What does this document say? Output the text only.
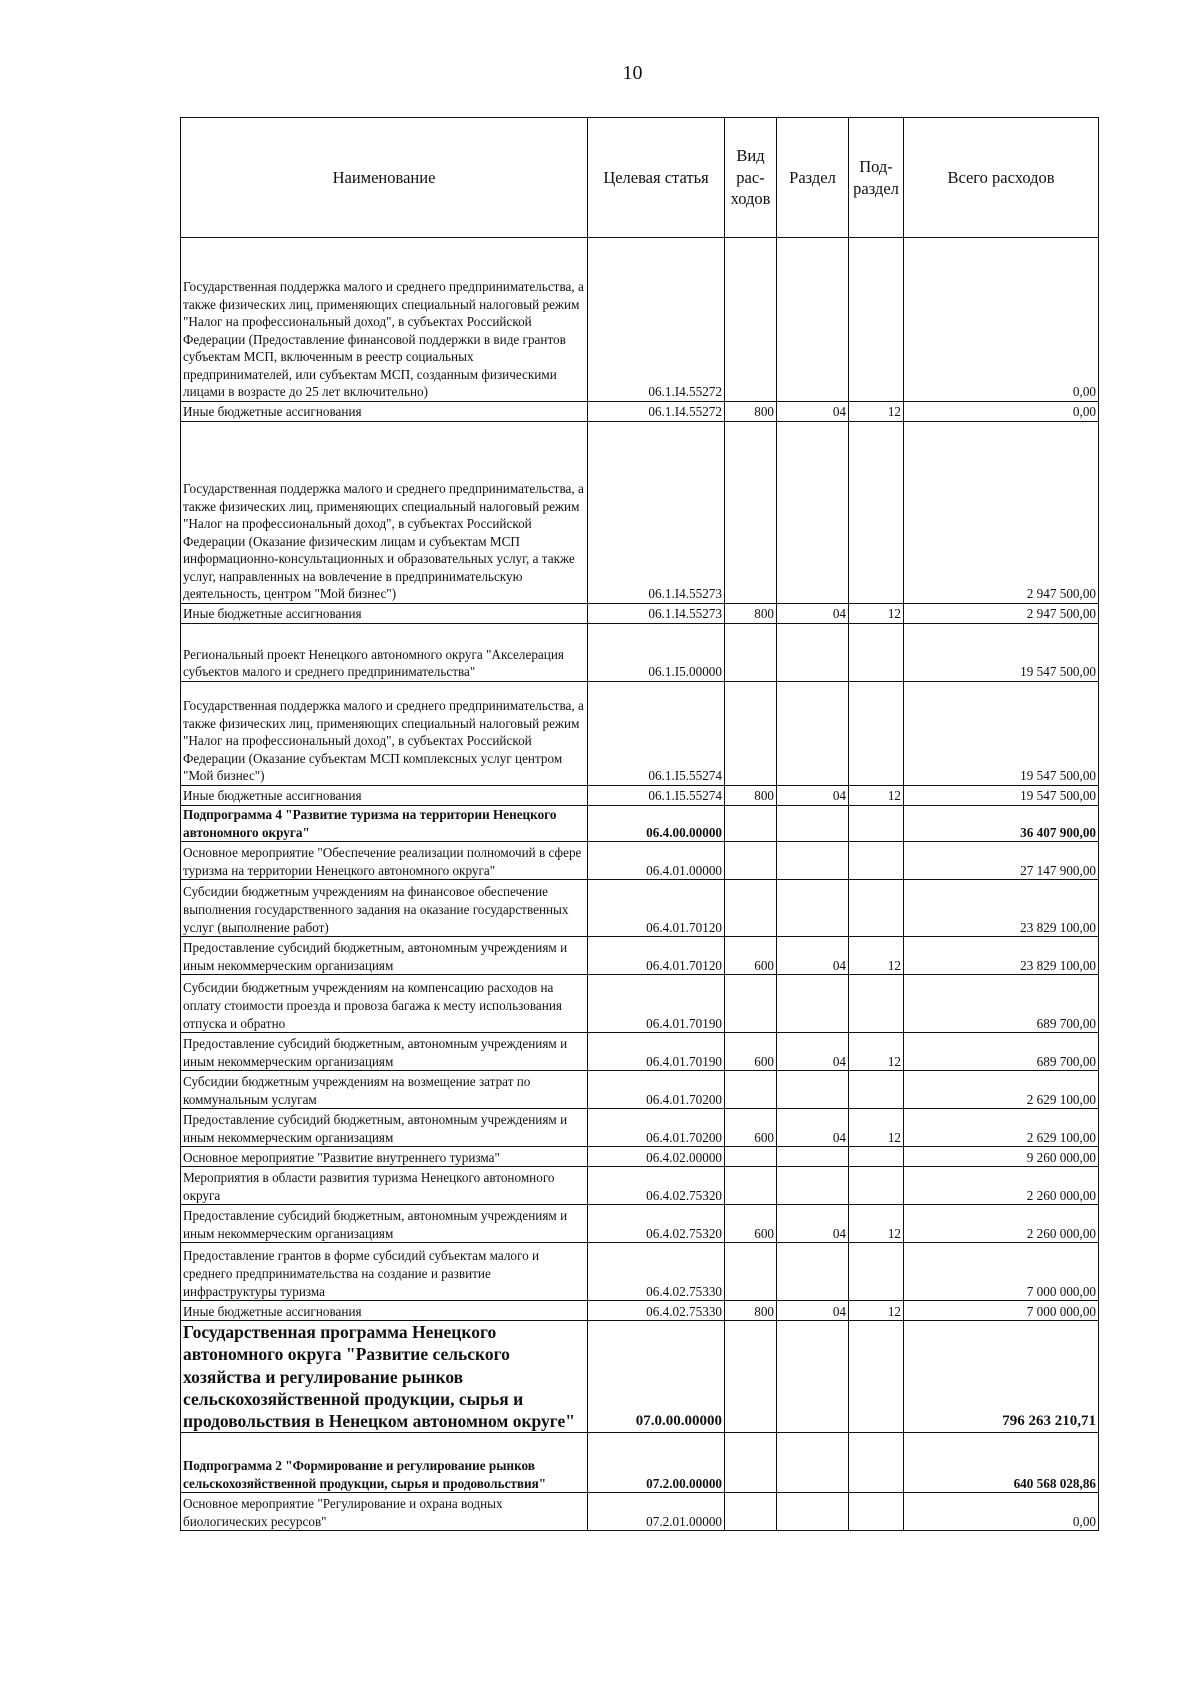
10
Наименование	Целевая статья	Вид рас-ходов	Раздел	Под-раздел	Всего расходов
Государственная поддержка малого и среднего предпринимательства, а также физических лиц, применяющих специальный налоговый режим "Налог на профессиональный доход", в субъектах Российской Федерации (Предоставление финансовой поддержки в виде грантов субъектам МСП, включенным в реестр социальных предпринимателей, или субъектам МСП, созданным физическими лицами в возрасте до 25 лет включительно)	06.1.I4.55272				0,00
Иные бюджетные ассигнования	06.1.I4.55272	800	04	12	0,00
Государственная поддержка малого и среднего предпринимательства, а также физических лиц, применяющих специальный налоговый режим "Налог на профессиональный доход", в субъектах Российской Федерации (Оказание физическим лицам и субъектам МСП информационно-консультационных и образовательных услуг, а также услуг, направленных на вовлечение в предпринимательскую деятельность, центром "Мой бизнес")	06.1.I4.55273				2 947 500,00
Иные бюджетные ассигнования	06.1.I4.55273	800	04	12	2 947 500,00
Региональный проект Ненецкого автономного округа "Акселерация субъектов малого и среднего предпринимательства"	06.1.I5.00000				19 547 500,00
Государственная поддержка малого и среднего предпринимательства, а также физических лиц, применяющих специальный налоговый режим "Налог на профессиональный доход", в субъектах Российской Федерации (Оказание субъектам МСП комплексных услуг центром "Мой бизнес")	06.1.I5.55274				19 547 500,00
Иные бюджетные ассигнования	06.1.I5.55274	800	04	12	19 547 500,00
Подпрограмма 4 "Развитие туризма на территории Ненецкого автономного округа"	06.4.00.00000				36 407 900,00
Основное мероприятие "Обеспечение реализации полномочий в сфере туризма на территории Ненецкого автономного округа"	06.4.01.00000				27 147 900,00
Субсидии бюджетным учреждениям на финансовое обеспечение выполнения государственного задания на оказание государственных услуг (выполнение работ)	06.4.01.70120				23 829 100,00
Предоставление субсидий бюджетным, автономным учреждениям и иным некоммерческим организациям	06.4.01.70120	600	04	12	23 829 100,00
Субсидии бюджетным учреждениям на компенсацию расходов на оплату стоимости проезда и провоза багажа к месту использования отпуска и обратно	06.4.01.70190				689 700,00
Предоставление субсидий бюджетным, автономным учреждениям и иным некоммерческим организациям	06.4.01.70190	600	04	12	689 700,00
Субсидии бюджетным учреждениям на возмещение затрат по коммунальным услугам	06.4.01.70200				2 629 100,00
Предоставление субсидий бюджетным, автономным учреждениям и иным некоммерческим организациям	06.4.01.70200	600	04	12	2 629 100,00
Основное мероприятие "Развитие внутреннего туризма"	06.4.02.00000				9 260 000,00
Мероприятия в области развития туризма Ненецкого автономного округа	06.4.02.75320				2 260 000,00
Предоставление субсидий бюджетным, автономным учреждениям и иным некоммерческим организациям	06.4.02.75320	600	04	12	2 260 000,00
Предоставление грантов в форме субсидий субъектам малого и среднего предпринимательства на создание и развитие инфраструктуры туризма	06.4.02.75330				7 000 000,00
Иные бюджетные ассигнования	06.4.02.75330	800	04	12	7 000 000,00
Государственная программа Ненецкого автономного округа "Развитие сельского хозяйства и регулирование рынков сельскохозяйственной продукции, сырья и продовольствия в Ненецком автономном округе"	07.0.00.00000				796 263 210,71
Подпрограмма 2 "Формирование и регулирование рынков сельскохозяйственной продукции, сырья и продовольствия"	07.2.00.00000				640 568 028,86
Основное мероприятие "Регулирование и охрана водных биологических ресурсов"	07.2.01.00000				0,00
